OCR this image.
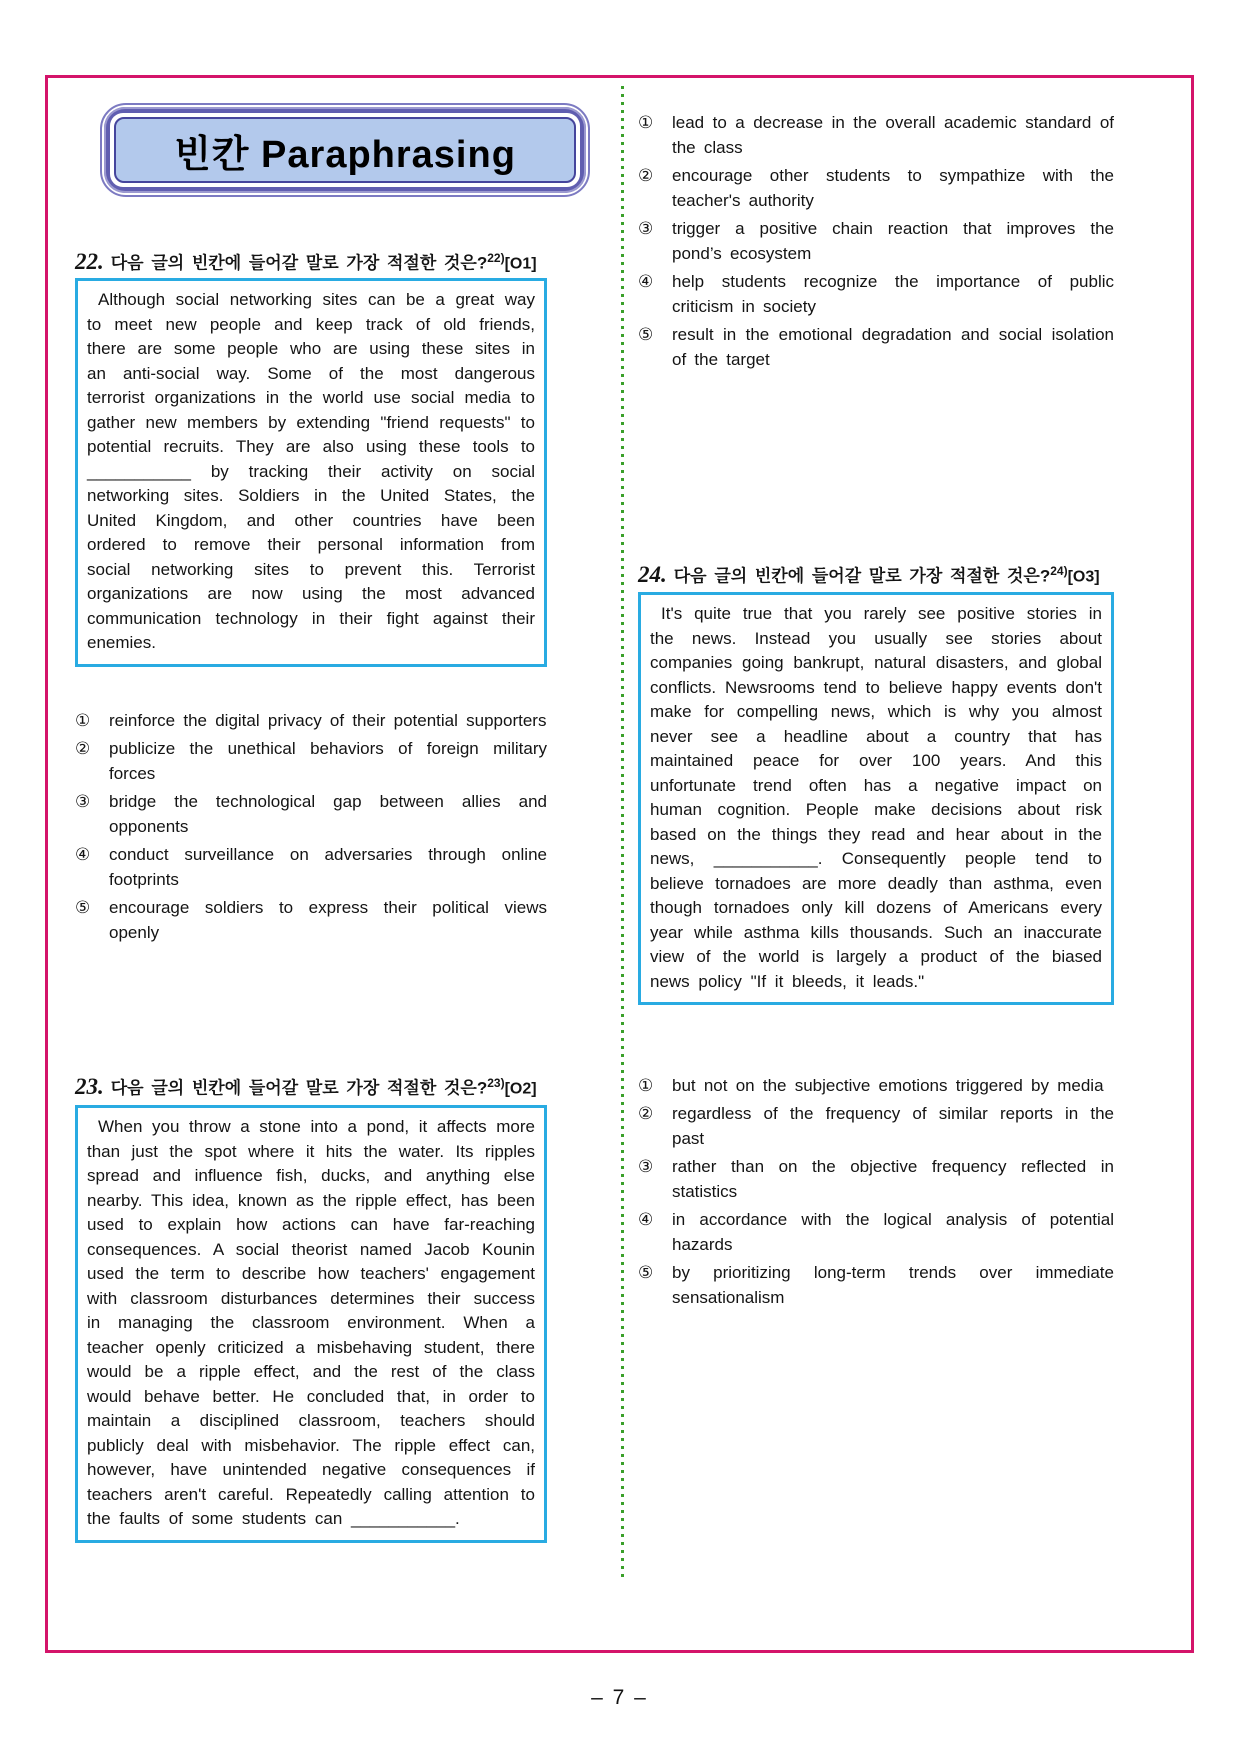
빈칸 Paraphrasing
22. 다음 글의 빈칸에 들어갈 말로 가장 적절한 것은?$^{22)}$[O1]

Although social networking sites can be a great way to meet new people and keep track of old friends, there are some people who are using these sites in an anti-social way. Some of the most dangerous terrorist organizations in the world use social media to gather new members by extending "friend requests" to potential recruits. They are also using these tools to ___________ by tracking their activity on social networking sites. Soldiers in the United States, the United Kingdom, and other countries have been ordered to remove their personal information from social networking sites to prevent this. Terrorist organizations are now using the most advanced communication technology in their fight against their enemies.

①	reinforce the digital privacy of their potential supporters
②	publicize the unethical behaviors of foreign military forces
③	bridge the technological gap between allies and opponents
④	conduct surveillance on adversaries through online footprints
⑤	encourage soldiers to express their political views openly
23. 다음 글의 빈칸에 들어갈 말로 가장 적절한 것은?$^{23)}$[O2]

When you throw a stone into a pond, it affects more than just the spot where it hits the water. Its ripples spread and influence fish, ducks, and anything else nearby. This idea, known as the ripple effect, has been used to explain how actions can have far-reaching consequences. A social theorist named Jacob Kounin used the term to describe how teachers' engagement with classroom disturbances determines their success in managing the classroom environment. When a teacher openly criticized a misbehaving student, there would be a ripple effect, and the rest of the class would behave better. He concluded that, in order to maintain a disciplined classroom, teachers should publicly deal with misbehavior. The ripple effect can, however, have unintended negative consequences if teachers aren't careful. Repeatedly calling attention to the faults of some students can ___________.

①	lead to a decrease in the overall academic standard of the class
②	encourage other students to sympathize with the teacher's authority
③	trigger a positive chain reaction that improves the pond’s ecosystem
④	help students recognize the importance of public criticism in society
⑤	result in the emotional degradation and social isolation of the target
24. 다음 글의 빈칸에 들어갈 말로 가장 적절한 것은?$^{24)}$[O3]

It's quite true that you rarely see positive stories in the news. Instead you usually see stories about companies going bankrupt, natural disasters, and global conflicts. Newsrooms tend to believe happy events don't make for compelling news, which is why you almost never see a headline about a country that has maintained peace for over 100 years. And this unfortunate trend often has a negative impact on human cognition. People make decisions about risk based on the things they read and hear about in the news, ___________. Consequently people tend to believe tornadoes are more deadly than asthma, even though tornadoes only kill dozens of Americans every year while asthma kills thousands. Such an inaccurate view of the world is largely a product of the biased news policy "If it bleeds, it leads."

①	but not on the subjective emotions triggered by media
②	regardless of the frequency of similar reports in the past
③	rather than on the objective frequency reflected in statistics
④	in accordance with the logical analysis of potential hazards
⑤	by prioritizing long-term trends over immediate sensationalism
– 7 –
